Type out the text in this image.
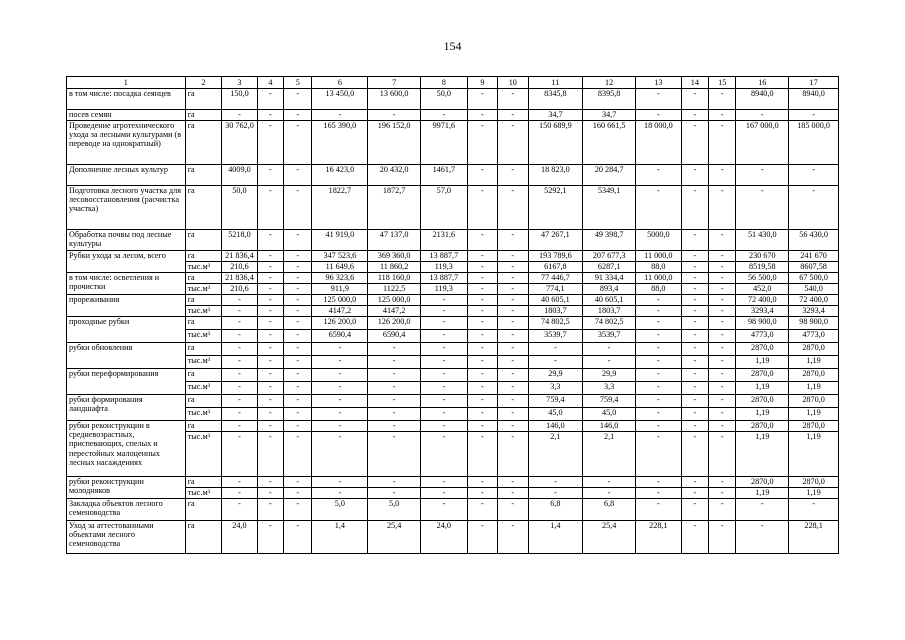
154
1	2	3	4	5	6	7	8	9	10	11	12	13	14	15	16	17
в том числе: посадка сеянцев	га	150,0	-	-	13 450,0	13 600,0	50,0	-	-	8345,8	8395,8	-	-	-	8940,0	8940,0
посев семян	га	-	-	-	-	-	-	-	-	34,7	34,7	-	-	-	-	-
Проведение агротехнического ухода за лесными культурами (в переводе на однократный)	га	30 762,0	-	-	165 390,0	196 152,0	9971,6	-	-	150 689,9	160 661,5	18 000,0	-	-	167 000,0	185 000,0
Дополнение лесных культур	га	4009,0	-	-	16 423,0	20 432,0	1461,7	-	-	18 823,0	20 284,7	-	-	-	-	-
Подготовка лесного участка для лесовосстановления (расчистка участка)	га	50,0	-	-	1822,7	1872,7	57,0	-	-	5292,1	5349,1	-	-	-	-	-
Обработка почвы под лесные культуры	га	5218,0	-	-	41 919,0	47 137,0	2131,6	-	-	47 267,1	49 398,7	5000,0	-	-	51 430,0	56 430,0
Рубки ухода за лесом, всего	га	21 836,4	-	-	347 523,6	369 360,0	13 887,7	-	-	193 789,6	207 677,3	11 000,0	-	-	230 670	241 670
	тыс.м³	210,6	-	-	11 649,6	11 860,2	119,3	-	-	6167,8	6287,1	88,0	-	-	8519,58	8607,58
в том числе: осветления и прочистки	га	21 836,4	-	-	96 323,6	118 160,0	13 887,7	-	-	77 446,7	91 334,4	11 000,0	-	-	56 500,0	67 500,0
	тыс.м³	210,6	-	-	911,9	1122,5	119,3	-	-	774,1	893,4	88,0	-	-	452,0	540,0
прореживания	га	-	-	-	125 000,0	125 000,0	-	-	-	40 605,1	40 605,1	-	-	-	72 400,0	72 400,0
	тыс.м³	-	-	-	4147,2	4147,2	-	-	-	1803,7	1803,7	-	-	-	3293,4	3293,4
проходные рубки	га	-	-	-	126 200,0	126 200,0	-	-	-	74 802,5	74 802,5	-	-	-	98 900,0	98 900,0
	тыс.м³	-	-	-	6590,4	6590,4	-	-	-	3539,7	3539,7	-	-	-	4773,0	4773,0
рубки обновления	га	-	-	-	-	-	-	-	-	-	-	-	-	-	2870,0	2870,0
	тыс.м³	-	-	-	-	-	-	-	-	-	-	-	-	-	1,19	1,19
рубки переформирования	га	-	-	-	-	-	-	-	-	29,9	29,9	-	-	-	2870,0	2870,0
	тыс.м³	-	-	-	-	-	-	-	-	3,3	3,3	-	-	-	1,19	1,19
рубки формирования ландшафта	га	-	-	-	-	-	-	-	-	759,4	759,4	-	-	-	2870,0	2870,0
	тыс.м³	-	-	-	-	-	-	-	-	45,0	45,0	-	-	-	1,19	1,19
рубки реконструкции в средневозрастных, приспевающих, спелых и перестойных малоценных лесных насаждениях	га	-	-	-	-	-	-	-	-	146,0	146,0	-	-	-	2870,0	2870,0
	тыс.м³	-	-	-	-	-	-	-	-	2,1	2,1	-	-	-	1,19	1,19
рубки реконструкции молодняков	га	-	-	-	-	-	-	-	-	-	-	-	-	-	2870,0	2870,0
	тыс.м³	-	-	-	-	-	-	-	-	-	-	-	-	-	1,19	1,19
Закладка объектов лесного семеноводства	га	-	-	-	5,0	5,0	-	-	-	6,8	6,8	-	-	-	-	-
Уход за аттестованными объектами лесного семеноводства	га	24,0	-	-	1,4	25,4	24,0	-	-	1,4	25,4	228,1	-	-	-	228,1
